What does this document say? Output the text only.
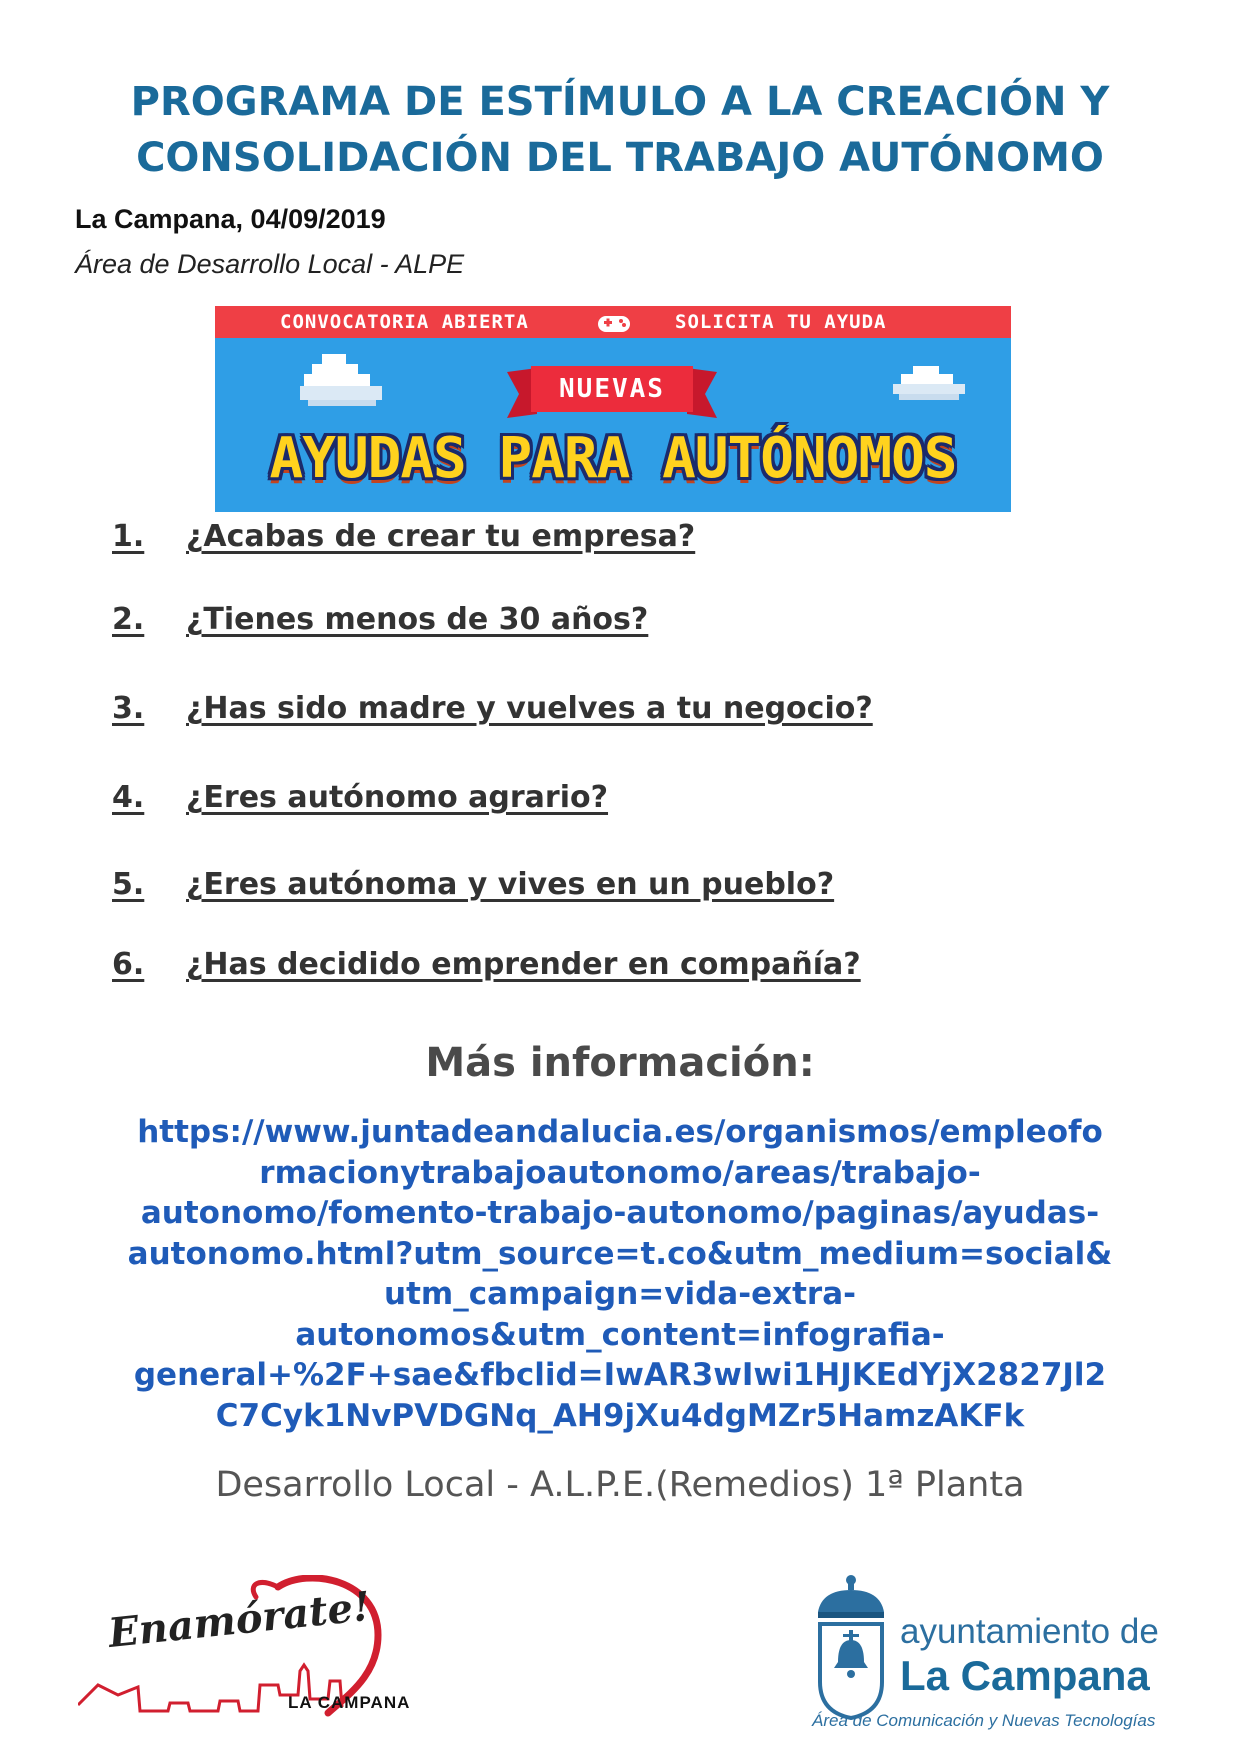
PROGRAMA DE ESTÍMULO A LA CREACIÓN Y
CONSOLIDACIÓN DEL TRABAJO AUTÓNOMO
La Campana, 04/09/2019
Área de Desarrollo Local - ALPE
CONVOCATORIA ABIERTA	SOLICITA TU AYUDA
NUEVAS
AYUDAS PARA AUTÓNOMOS
1. ¿Acabas de crear tu empresa?
2. ¿Tienes menos de 30 años?
3. ¿Has sido madre y vuelves a tu negocio?
4. ¿Eres autónomo agrario?
5. ¿Eres autónoma y vives en un pueblo?
6. ¿Has decidido emprender en compañía?
Más información:
https://www.juntadeandalucia.es/organismos/empleofo
rmacionytrabajoautonomo/areas/trabajo-
autonomo/fomento-trabajo-autonomo/paginas/ayudas-
autonomo.html?utm_source=t.co&utm_medium=social&
utm_campaign=vida-extra-
autonomos&utm_content=infografia-
general+%2F+sae&fbclid=IwAR3wIwi1HJKEdYjX2827Jl2
C7Cyk1NvPVDGNq_AH9jXu4dgMZr5HamzAKFk
Desarrollo Local - A.L.P.E.(Remedios) 1ª Planta
Enamórate!
LA CAMPANA
ayuntamiento de
La Campana
Área de Comunicación y Nuevas Tecnologías
